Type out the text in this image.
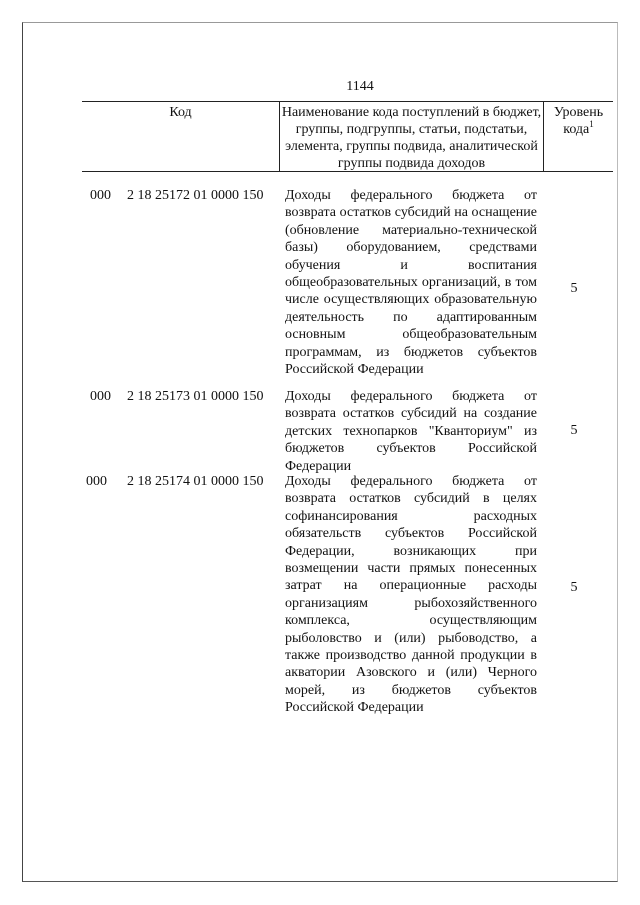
1144
Код	Наименование кода поступлений в бюджет, группы, подгруппы, статьи, подстатьи, элемента, группы подвида, аналитической группы подвида доходов
Уровень кода$^1$
000 2 18 25172 01 0000 150 Доходы федерального бюджета от возврата остатков субсидий на оснащение (обновление материально-технической базы) оборудованием, средствами обучения и воспитания общеобразовательных организаций, в том числе осуществляющих образовательную деятельность по адаптированным основным общеобразовательным программам, из бюджетов субъектов Российской Федерации
5
000 2 18 25173 01 0000 150 Доходы федерального бюджета от возврата остатков субсидий на создание детских технопарков "Кванториум" из бюджетов субъектов Российской Федерации
5
000 2 18 25174 01 0000 150 Доходы федерального бюджета от возврата остатков субсидий в целях софинансирования расходных обязательств субъектов Российской Федерации, возникающих при возмещении части прямых понесенных затрат на операционные расходы организациям рыбохозяйственного комплекса, осуществляющим рыболовство и (или) рыбоводство, а также производство данной продукции в акватории Азовского и (или) Черного морей, из бюджетов субъектов Российской Федерации
5
